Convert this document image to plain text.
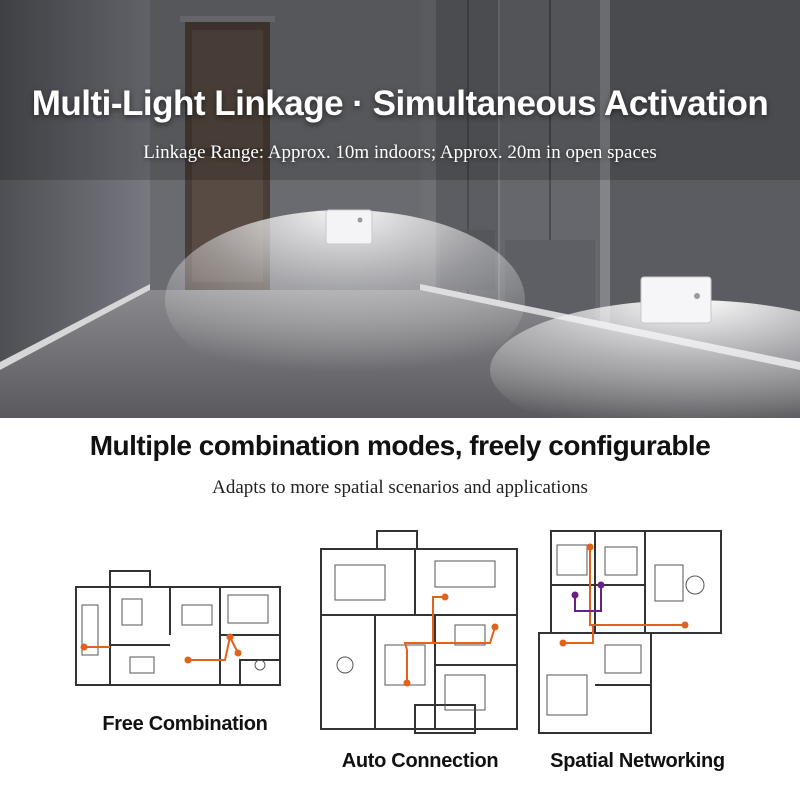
Multi-Light Linkage · Simultaneous Activation
Linkage Range: Approx. 10m indoors; Approx. 20m in open spaces
Multiple combination modes, freely configurable
Adapts to more spatial scenarios and applications
Free Combination
Auto Connection	Spatial Networking
